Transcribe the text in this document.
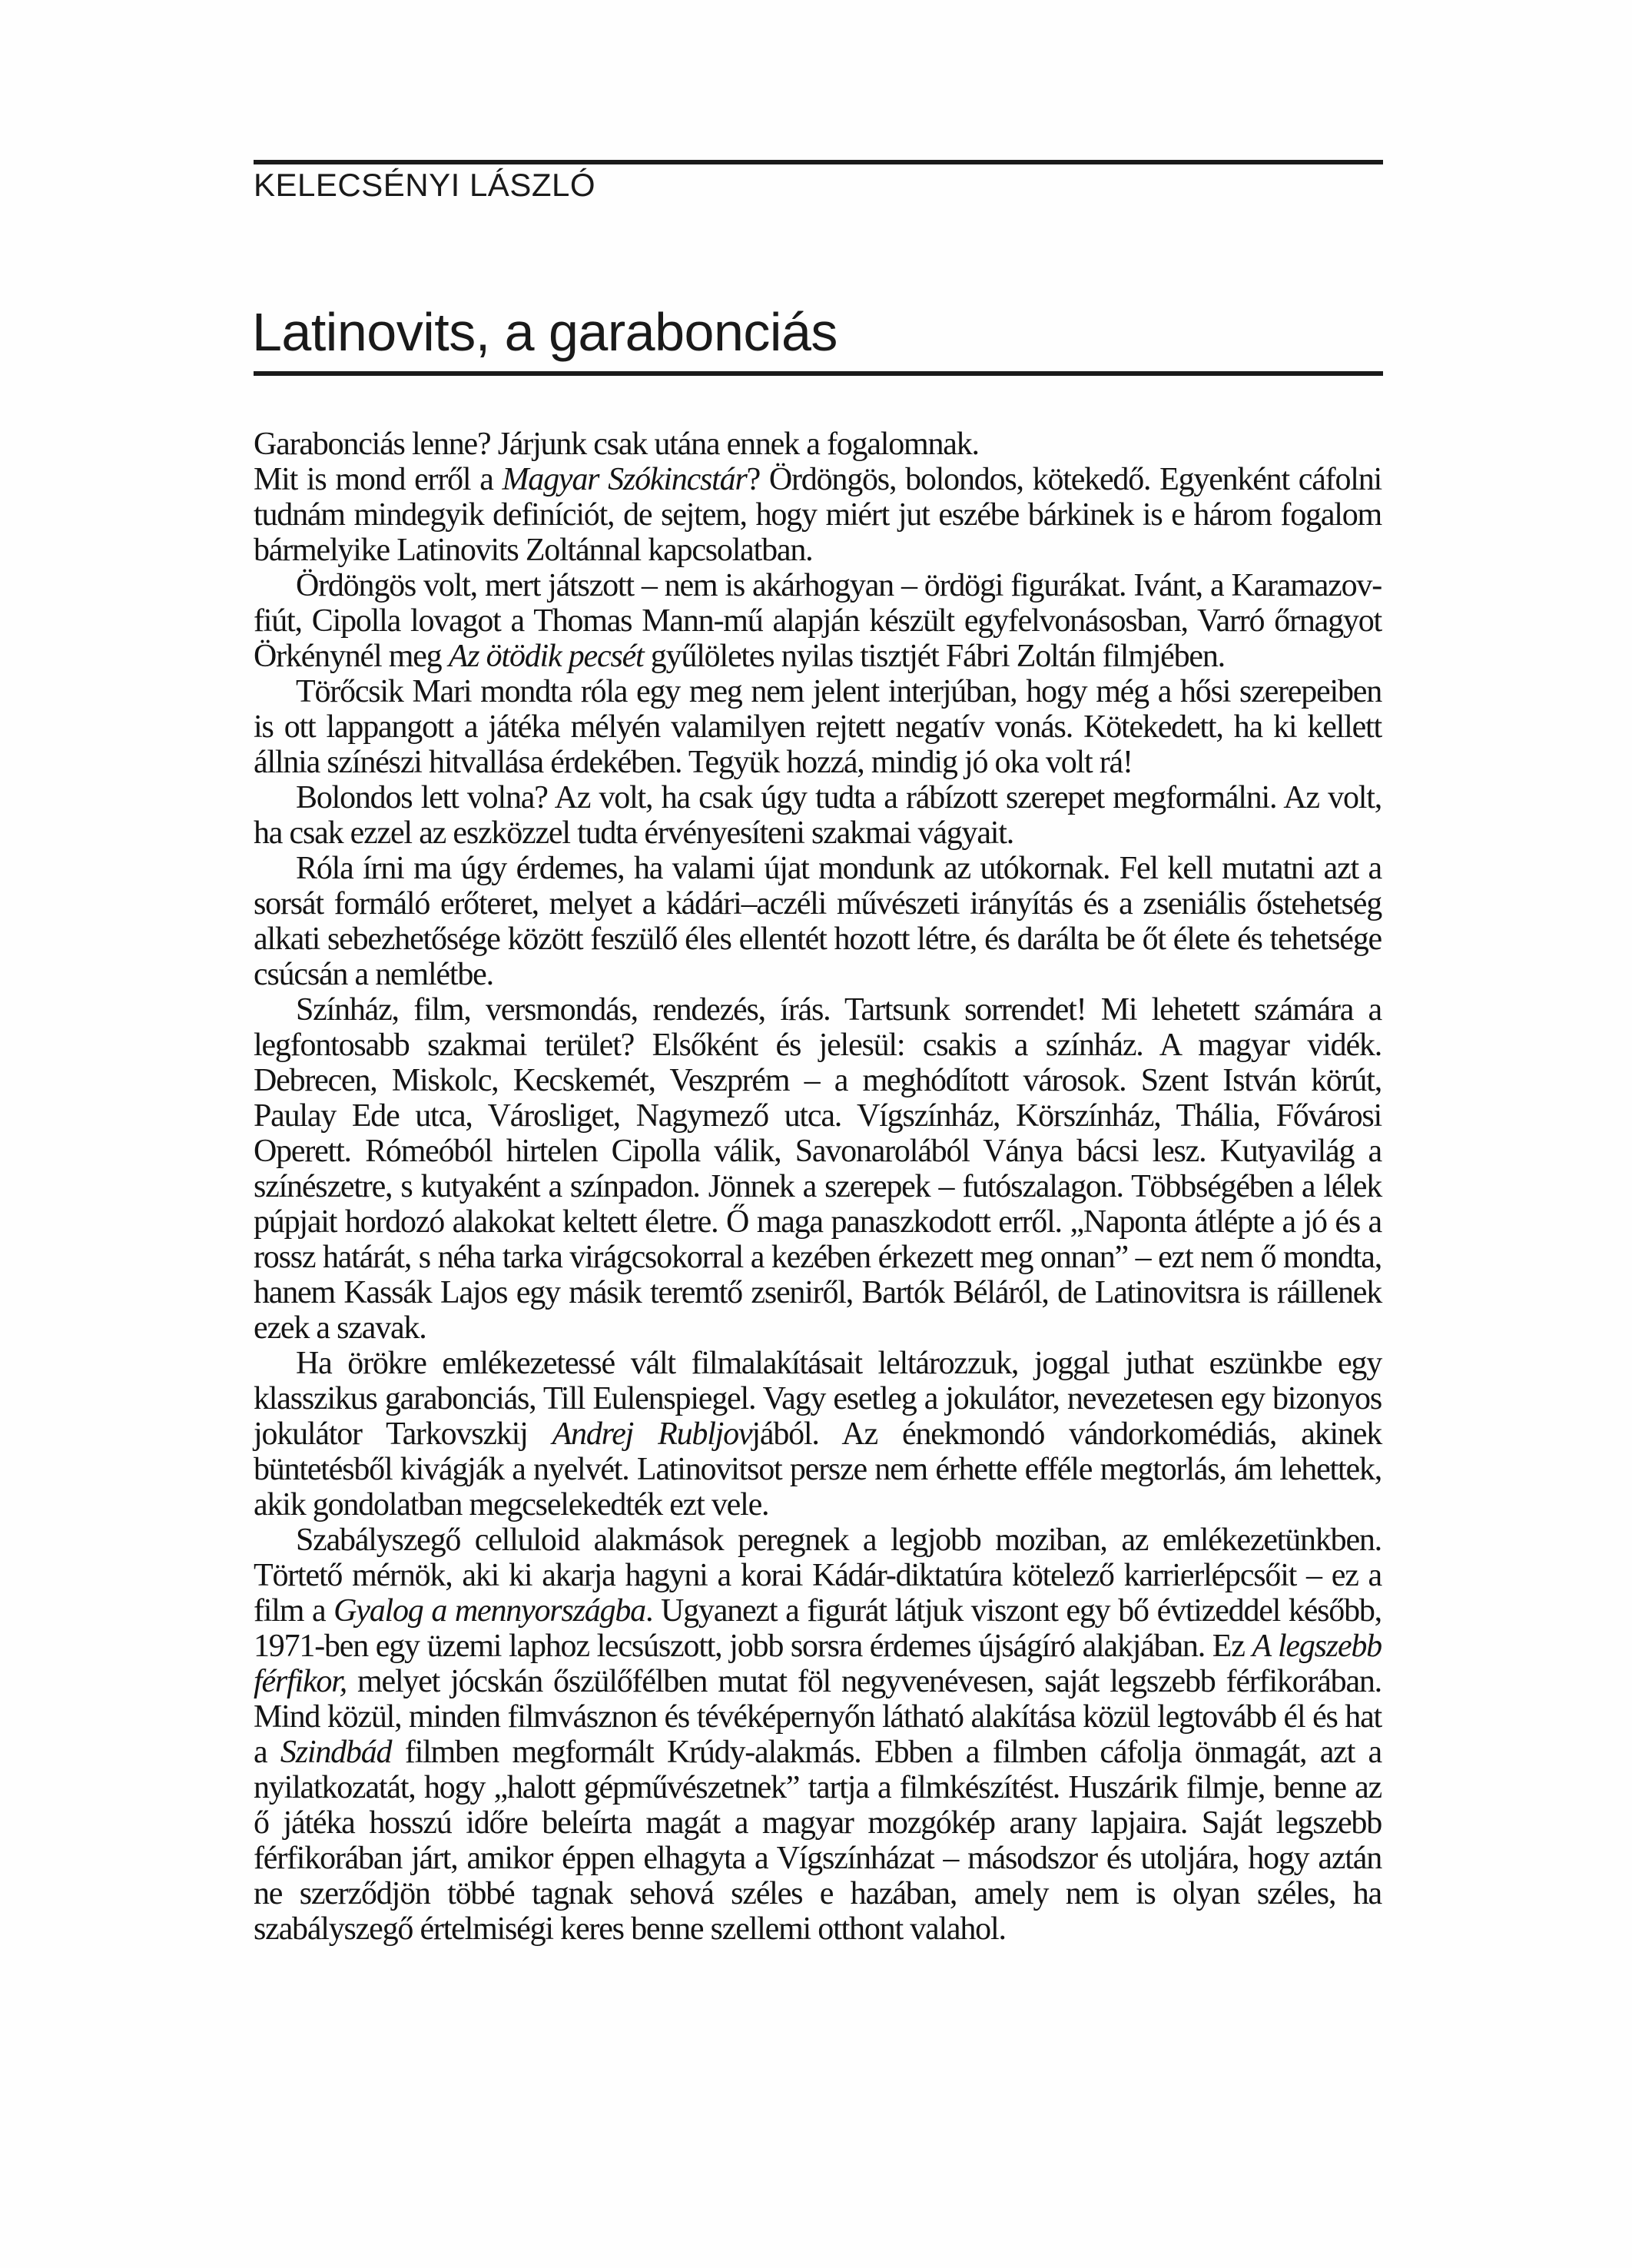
KELECSÉNYI LÁSZLÓ
Latinovits, a garabonciás

Garabonciás lenne? Járjunk csak utána ennek a fogalomnak.

Mit is mond erről a Magyar Szókincstár? Ördöngös, bolondos, kötekedő. Egyenként cáfolni tudnám mindegyik definíciót, de sejtem, hogy miért jut eszébe bárkinek is e három fogalom bármelyike Latinovits Zoltánnal kapcsolatban.

Ördöngös volt, mert játszott – nem is akárhogyan – ördögi figurákat. Ivánt, a Karamazov-fiút, Cipolla lovagot a Thomas Mann-mű alapján készült egyfelvonásosban, Varró őrnagyot Örkénynél meg Az ötödik pecsét gyűlöletes nyilas tisztjét Fábri Zoltán filmjében.

Törőcsik Mari mondta róla egy meg nem jelent interjúban, hogy még a hősi szerepeiben is ott lappangott a játéka mélyén valamilyen rejtett negatív vonás. Kötekedett, ha ki kellett állnia színészi hitvallása érdekében. Tegyük hozzá, mindig jó oka volt rá!

Bolondos lett volna? Az volt, ha csak úgy tudta a rábízott szerepet megformálni. Az volt, ha csak ezzel az eszközzel tudta érvényesíteni szakmai vágyait.

Róla írni ma úgy érdemes, ha valami újat mondunk az utókornak. Fel kell mutatni azt a sorsát formáló erőteret, melyet a kádári–aczéli művészeti irányítás és a zseniális őstehetség alkati sebezhetősége között feszülő éles ellentét hozott létre, és darálta be őt élete és tehetsége csúcsán a nemlétbe.

Színház, film, versmondás, rendezés, írás. Tartsunk sorrendet! Mi lehetett számára a legfontosabb szakmai terület? Elsőként és jelesül: csakis a színház. A magyar vidék. Debrecen, Miskolc, Kecskemét, Veszprém – a meghódított városok. Szent István körút, Paulay Ede utca, Városliget, Nagymező utca. Vígszínház, Körszínház, Thália, Fővárosi Operett. Rómeóból hirtelen Cipolla válik, Savonarolából Ványa bácsi lesz. Kutyavilág a színészetre, s kutyaként a színpadon. Jönnek a szerepek – futószalagon. Többségében a lélek púpjait hordozó alakokat keltett életre. Ő maga panaszkodott erről. „Naponta átlépte a jó és a rossz határát, s néha tarka virágcsokorral a kezében érkezett meg onnan” – ezt nem ő mondta, hanem Kassák Lajos egy másik teremtő zseniről, Bartók Béláról, de Latinovitsra is ráillenek ezek a szavak.

Ha örökre emlékezetessé vált filmalakításait leltározzuk, joggal juthat eszünkbe egy klasszikus garabonciás, Till Eulenspiegel. Vagy esetleg a jokulátor, nevezetesen egy bizonyos jokulátor Tarkovszkij Andrej Rubljovjából. Az énekmondó vándorkomédiás, akinek büntetésből kivágják a nyelvét. Latinovitsot persze nem érhette efféle megtorlás, ám lehettek, akik gondolatban megcselekedték ezt vele.

Szabályszegő celluloid alakmások peregnek a legjobb moziban, az emlékezetünkben. Törtető mérnök, aki ki akarja hagyni a korai Kádár-diktatúra kötelező karrierlépcsőit – ez a film a Gyalog a mennyországba. Ugyanezt a figurát látjuk viszont egy bő évtizeddel később, 1971-ben egy üzemi laphoz lecsúszott, jobb sorsra érdemes újságíró alakjában. Ez A legszebb férfikor, melyet jócskán őszülőfélben mutat föl negyvenévesen, saját legszebb férfikorában. Mind közül, minden filmvásznon és tévéképernyőn látható alakítása közül legtovább él és hat a Szindbád filmben megformált Krúdy-alakmás. Ebben a filmben cáfolja önmagát, azt a nyilatkozatát, hogy „halott gépművészetnek” tartja a filmkészítést. Huszárik filmje, benne az ő játéka hosszú időre beleírta magát a magyar mozgókép arany lapjaira. Saját legszebb férfikorában járt, amikor éppen elhagyta a Vígszínházat – másodszor és utoljára, hogy aztán ne szerződjön többé tagnak sehová széles e hazában, amely nem is olyan széles, ha szabályszegő értelmiségi keres benne szellemi otthont valahol.
